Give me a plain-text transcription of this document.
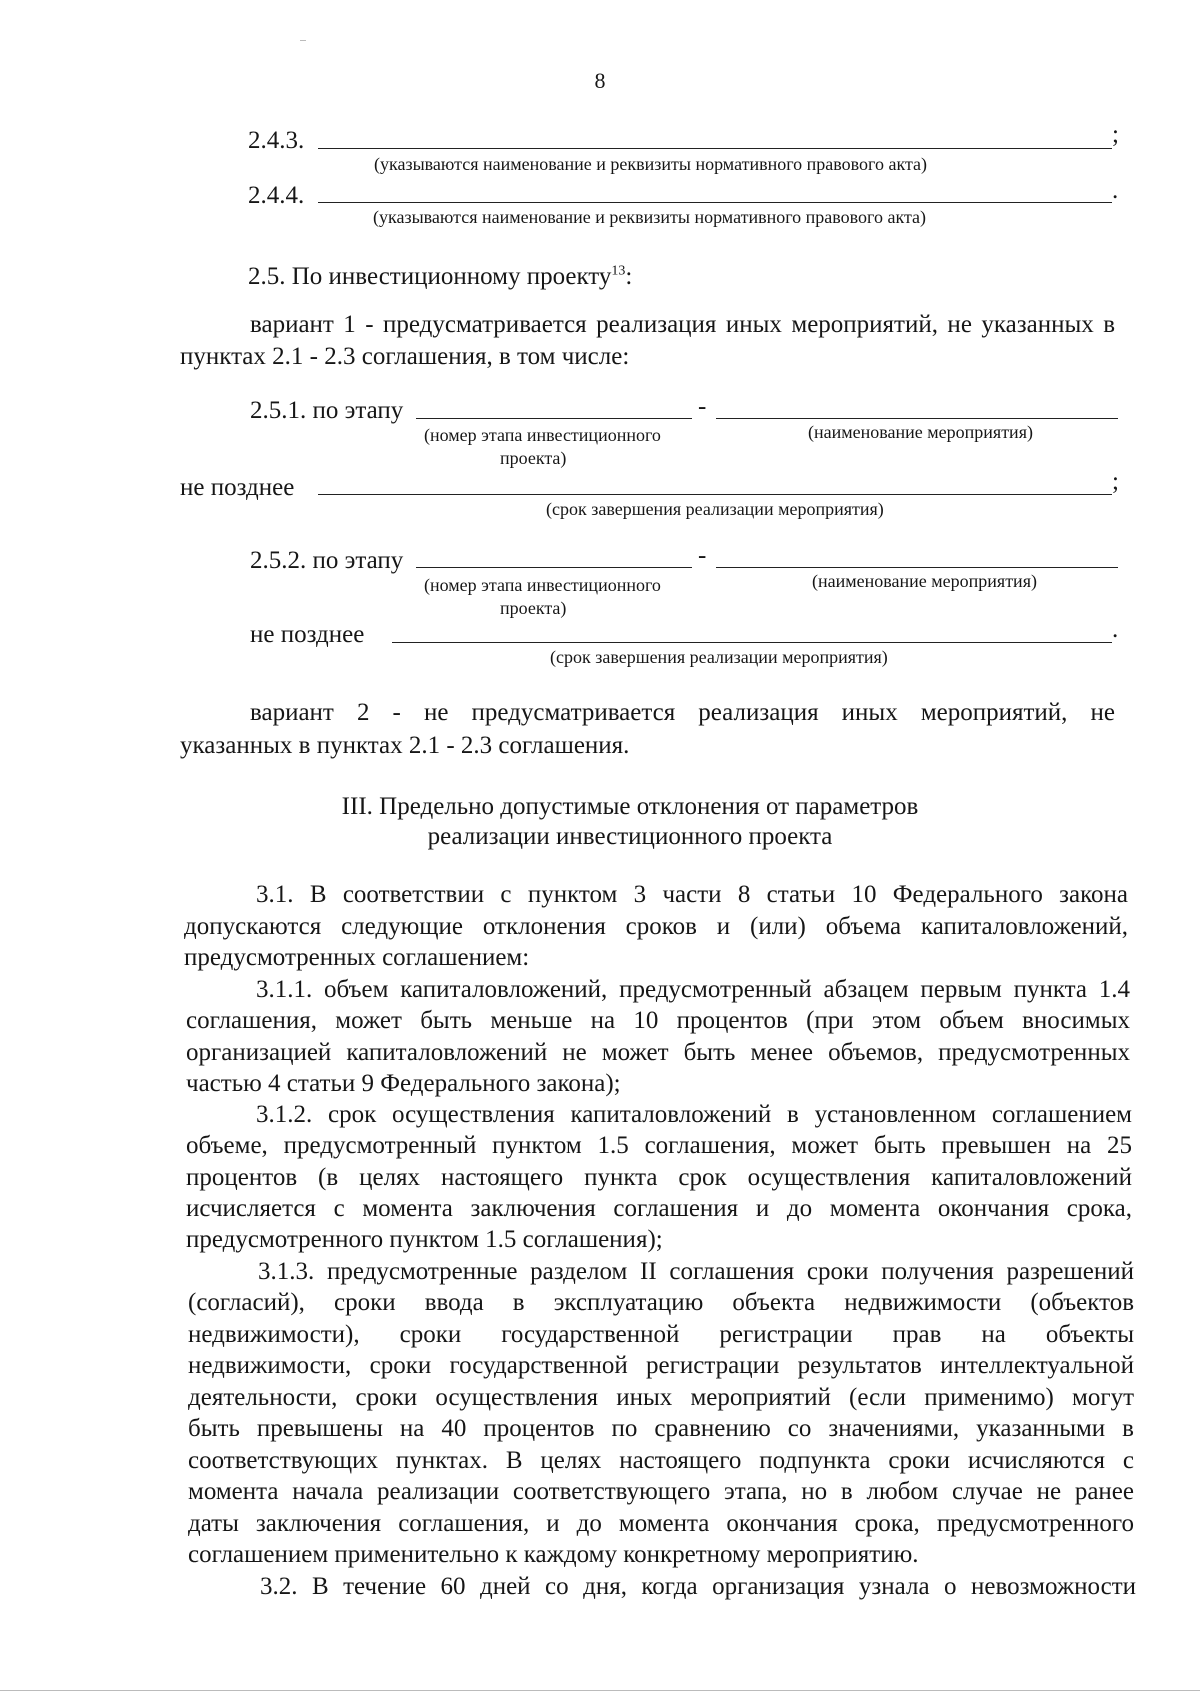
8
2.4.3.	;
(указываются наименование и реквизиты нормативного правового акта)
2.4.4.	.
(указываются наименование и реквизиты нормативного правового акта)
2.5. По инвестиционному проекту$^{13}$:
вариант 1 - предусматривается реализация иных мероприятий, не указанных в
пунктах 2.1 - 2.3 соглашения, в том числе:
2.5.1. по этапу	-
(номер этапа инвестиционного
проекта)
(наименование мероприятия)
не позднее	;
(срок завершения реализации мероприятия)
2.5.2. по этапу	-
(номер этапа инвестиционного
проекта)
(наименование мероприятия)
не позднее	.
(срок завершения реализации мероприятия)
вариант 2 - не предусматривается реализация иных мероприятий, не
указанных в пунктах 2.1 - 2.3 соглашения.
III. Предельно допустимые отклонения от параметров
реализации инвестиционного проекта
3.1. В соответствии с пунктом 3 части 8 статьи 10 Федерального закона
допускаются следующие отклонения сроков и (или) объема капиталовложений,
предусмотренных соглашением:
3.1.1. объем капиталовложений, предусмотренный абзацем первым пункта 1.4
соглашения, может быть меньше на 10 процентов (при этом объем вносимых
организацией капиталовложений не может быть менее объемов, предусмотренных
частью 4 статьи 9 Федерального закона);
3.1.2. срок осуществления капиталовложений в установленном соглашением
объеме, предусмотренный пунктом 1.5 соглашения, может быть превышен на 25
процентов (в целях настоящего пункта срок осуществления капиталовложений
исчисляется с момента заключения соглашения и до момента окончания срока,
предусмотренного пунктом 1.5 соглашения);
3.1.3. предусмотренные разделом II соглашения сроки получения разрешений
(согласий), сроки ввода в эксплуатацию объекта недвижимости (объектов
недвижимости), сроки государственной регистрации прав на объекты
недвижимости, сроки государственной регистрации результатов интеллектуальной
деятельности, сроки осуществления иных мероприятий (если применимо) могут
быть превышены на 40 процентов по сравнению со значениями, указанными в
соответствующих пунктах. В целях настоящего подпункта сроки исчисляются с
момента начала реализации соответствующего этапа, но в любом случае не ранее
даты заключения соглашения, и до момента окончания срока, предусмотренного
соглашением применительно к каждому конкретному мероприятию.
3.2. В течение 60 дней со дня, когда организация узнала о невозможности
